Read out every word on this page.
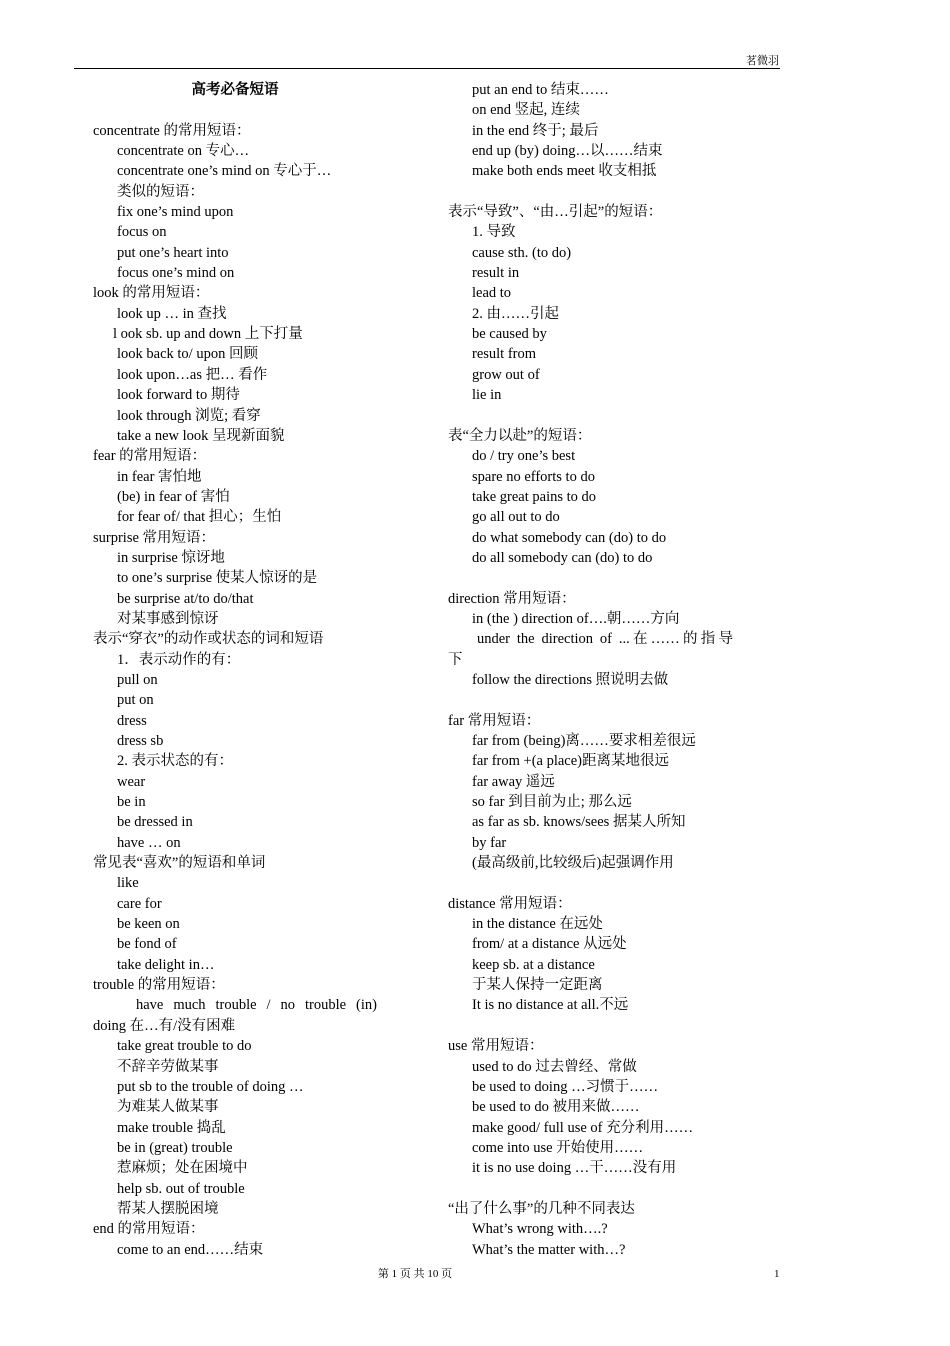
茗微羽
高考必备短语
concentrate 的常用短语：
concentrate on 专心…
concentrate one’s mind on 专心于…
类似的短语：
fix one’s mind upon
focus on
put one’s heart into
focus one’s mind on
look 的常用短语：
look up … in 查找
l ook sb. up and down 上下打量
look back to/ upon 回顾
look upon…as 把… 看作
look forward to 期待
look through 浏览; 看穿
take a new look 呈现新面貌
fear 的常用短语：
in fear 害怕地
(be) in fear of 害怕
for fear of/ that 担心；生怕
surprise 常用短语：
in surprise 惊讶地
to one’s surprise 使某人惊讶的是
be surprise at/to do/that
对某事感到惊讶
表示“穿衣”的动作或状态的词和短语
1．表示动作的有：
pull on
put on
dress
dress sb
2. 表示状态的有：
wear
be in
be dressed in
have … on
常见表“喜欢”的短语和单词
like
care for
be keen on
be fond of
take delight in…
trouble 的常用短语：
have much trouble / no trouble (in)
doing 在…有/没有困难
take great trouble to do
不辞辛劳做某事
put sb to the trouble of doing …
为难某人做某事
make trouble 捣乱
be in (great) trouble
惹麻烦；处在困境中
help sb. out of trouble
帮某人摆脱困境
end 的常用短语：
come to an end……结束
put an end to 结束……
on end 竖起, 连续
in the end 终于; 最后
end up (by) doing…以……结束
make both ends meet 收支相抵
表示“导致”、“由…引起”的短语：
1. 导致
cause sth. (to do)
result in
lead to
2. 由……引起
be caused by
result from
grow out of
lie in
表“全力以赴”的短语：
do / try one’s best
spare no efforts to do
take great pains to do
go all out to do
do what somebody can (do) to do
do all somebody can (do) to do
direction 常用短语：
in (the ) direction of….朝……方向
under the direction of ...在……的指导
下
follow the directions 照说明去做
far 常用短语：
far from (being)离……要求相差很远
far from +(a place)距离某地很远
far away 遥远
so far 到目前为止; 那么远
as far as sb. knows/sees 据某人所知
by far
(最高级前,比较级后)起强调作用
distance 常用短语：
in the distance 在远处
from/ at a distance 从远处
keep sb. at a distance
于某人保持一定距离
It is no distance at all.不远
use 常用短语：
used to do 过去曾经、常做
be used to doing …习惯于……
be used to do 被用来做……
make good/ full use of 充分利用……
come into use 开始使用……
it is no use doing …干……没有用
“出了什么事”的几种不同表达
What’s wrong with….?
What’s the matter with…?
第 1 页 共 10 页	1
